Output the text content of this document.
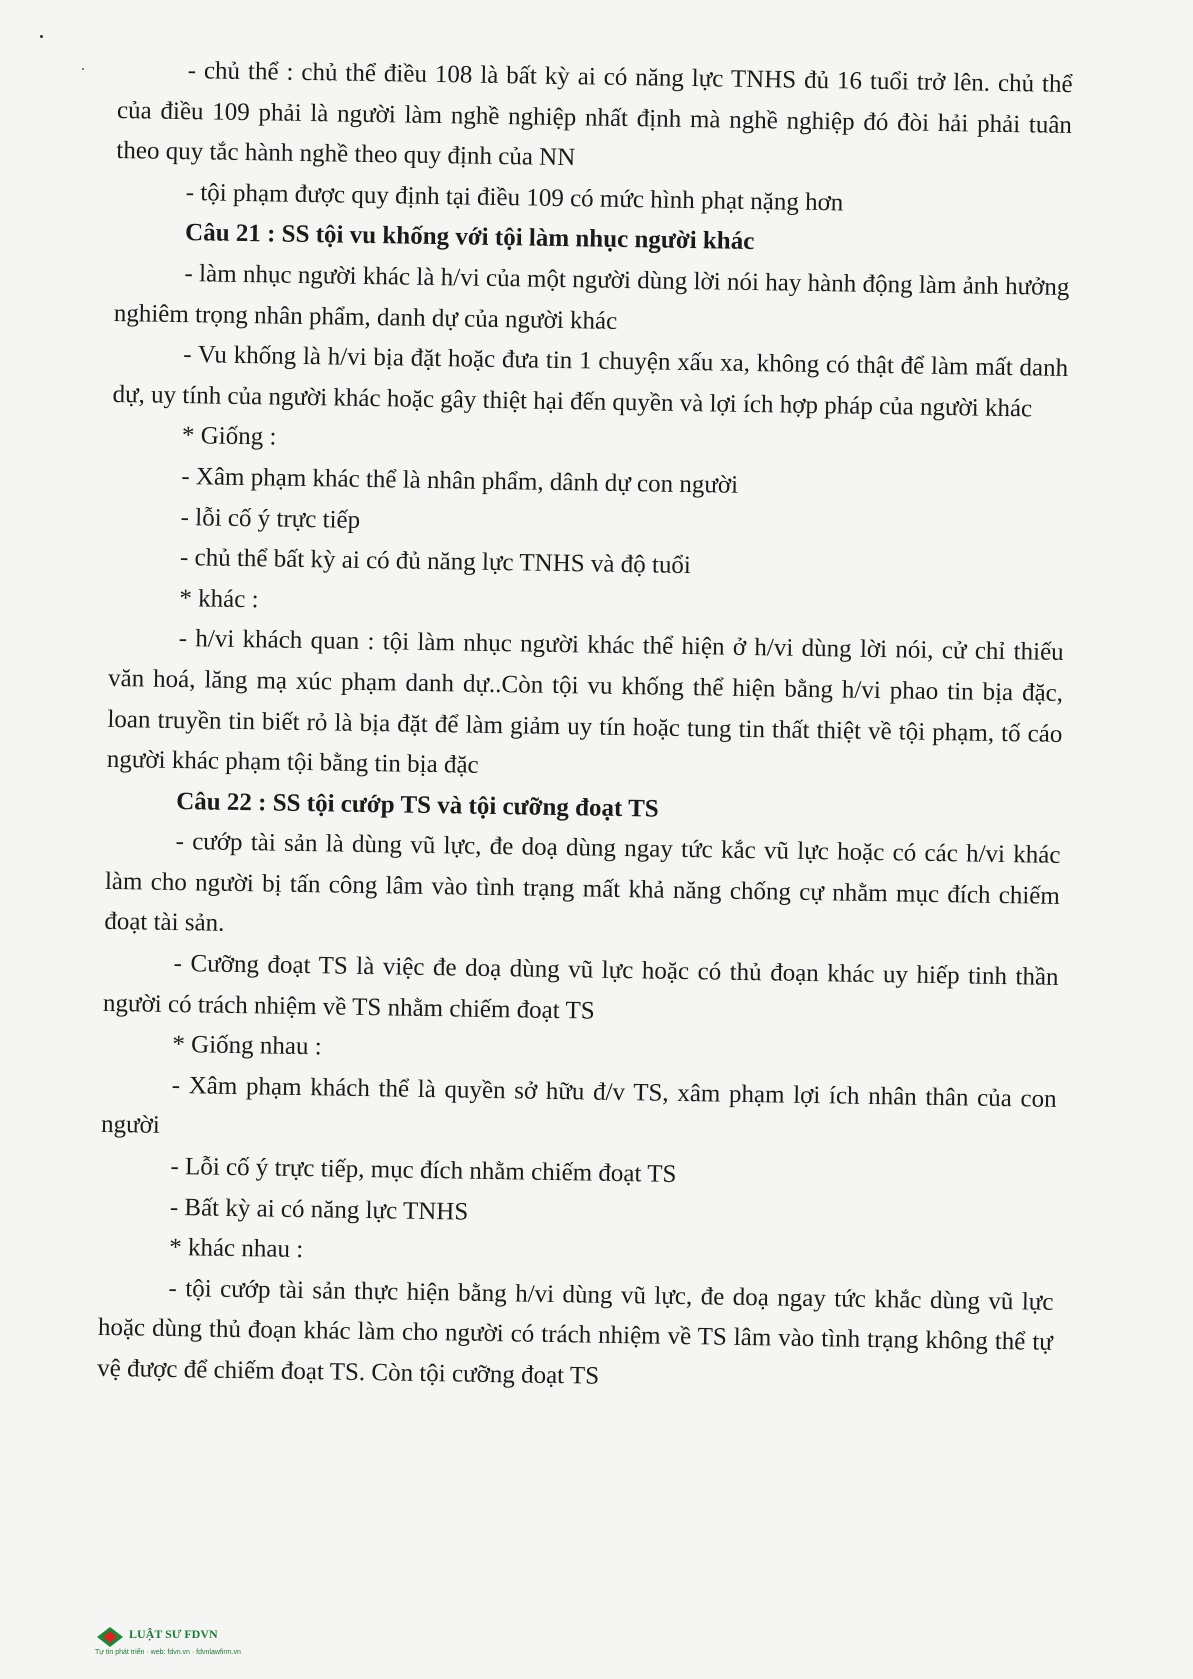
- chủ thể : chủ thể điều 108 là bất kỳ ai có năng lực TNHS đủ 16 tuổi trở lên. chủ thể của điều 109 phải là người làm nghề nghiệp nhất định mà nghề nghiệp đó đòi hải phải tuân theo quy tắc hành nghề theo quy định của NN

- tội phạm được quy định tại điều 109 có mức hình phạt nặng hơn

Câu 21 : SS tội vu khống với tội làm nhục người khác

- làm nhục người khác là h/vi của một người dùng lời nói hay hành động làm ảnh hưởng nghiêm trọng nhân phẩm, danh dự của người khác

- Vu khống là h/vi bịa đặt hoặc đưa tin 1 chuyện xấu xa, không có thật để làm mất danh dự, uy tính của người khác hoặc gây thiệt hại đến quyền và lợi ích hợp pháp của người khác

* Giống :

- Xâm phạm khác thể là nhân phẩm, dânh dự con người

- lỗi cố ý trực tiếp

- chủ thể bất kỳ ai có đủ năng lực TNHS và độ tuổi

* khác :

- h/vi khách quan : tội làm nhục người khác thể hiện ở h/vi dùng lời nói, cử chỉ thiếu văn hoá, lăng mạ xúc phạm danh dự..Còn tội vu khống thể hiện bằng h/vi phao tin bịa đặc, loan truyền tin biết rỏ là bịa đặt để làm giảm uy tín hoặc tung tin thất thiệt về tội phạm, tố cáo người khác phạm tội bằng tin bịa đặc

Câu 22 : SS tội cướp TS và tội cưỡng đoạt TS

- cướp tài sản là dùng vũ lực, đe doạ dùng ngay tức kắc vũ lực hoặc có các h/vi khác làm cho người bị tấn công lâm vào tình trạng mất khả năng chống cự nhằm mục đích chiếm đoạt tài sản.

- Cưỡng đoạt TS là việc đe doạ dùng vũ lực hoặc có thủ đoạn khác uy hiếp tinh thần người có trách nhiệm về TS nhằm chiếm đoạt TS

* Giống nhau :

- Xâm phạm khách thể là quyền sở hữu đ/v TS, xâm phạm lợi ích nhân thân của con người

- Lỗi cố ý trực tiếp, mục đích nhằm chiếm đoạt TS

- Bất kỳ ai có năng lực TNHS

* khác nhau :

- tội cướp tài sản thực hiện bằng h/vi dùng vũ lực, đe doạ ngay tức khắc dùng vũ lực hoặc dùng thủ đoạn khác làm cho người có trách nhiệm về TS lâm vào tình trạng không thể tự vệ được để chiếm đoạt TS. Còn tội cưỡng đoạt TS

LUẬT SƯ FDVN
Tự tin phát triển · web: fdvn.vn · fdvnlawfirm.vn
